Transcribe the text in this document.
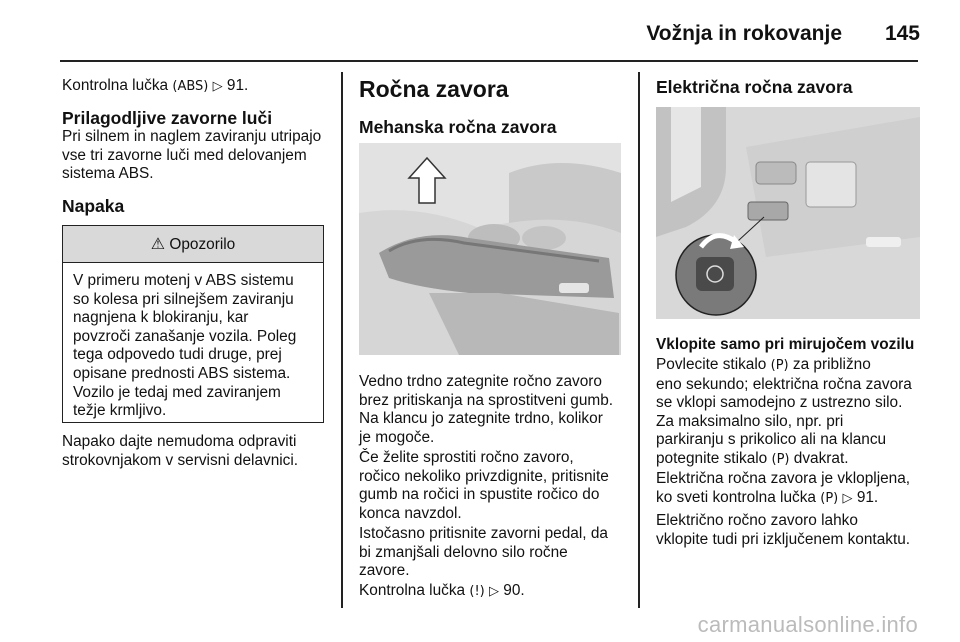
Vožnja in rokovanje 145

Kontrolna lučka (ABS) ▷ 91.

Prilagodljive zavorne luči

Pri silnem in naglem zaviranju utripajo

vse tri zavorne luči med delovanjem

sistema ABS.

Napaka
⚠ Opozorilo

V primeru motenj v ABS sistemu

so kolesa pri silnejšem zaviranju

nagnjena k blokiranju, kar

povzroči zanašanje vozila. Poleg

tega odpovedo tudi druge, prej

opisane prednosti ABS sistema.

Vozilo je tedaj med zaviranjem

težje krmljivo.

Napako dajte nemudoma odpraviti

strokovnjakom v servisni delavnici.

Ročna zavora
Mehanska ročna zavora

Vedno trdno zategnite ročno zavoro

brez pritiskanja na sprostitveni gumb.

Na klancu jo zategnite trdno, kolikor

je mogoče.

Če želite sprostiti ročno zavoro,

ročico nekoliko privzdignite, pritisnite

gumb na ročici in spustite ročico do

konca navzdol.

Istočasno pritisnite zavorni pedal, da

bi zmanjšali delovno silo ročne

zavore.

Kontrolna lučka (!) ▷ 90.

Električna ročna zavora
Vklopite samo pri mirujočem vozilu

Povlecite stikalo (P) za približno

eno sekundo; električna ročna zavora

se vklopi samodejno z ustrezno silo.

Za maksimalno silo, npr. pri

parkiranju s prikolico ali na klancu

potegnite stikalo (P) dvakrat.

Električna ročna zavora je vklopljena,

ko sveti kontrolna lučka (P) ▷ 91.

Električno ročno zavoro lahko

vklopite tudi pri izključenem kontaktu.

carmanualsonline.info
